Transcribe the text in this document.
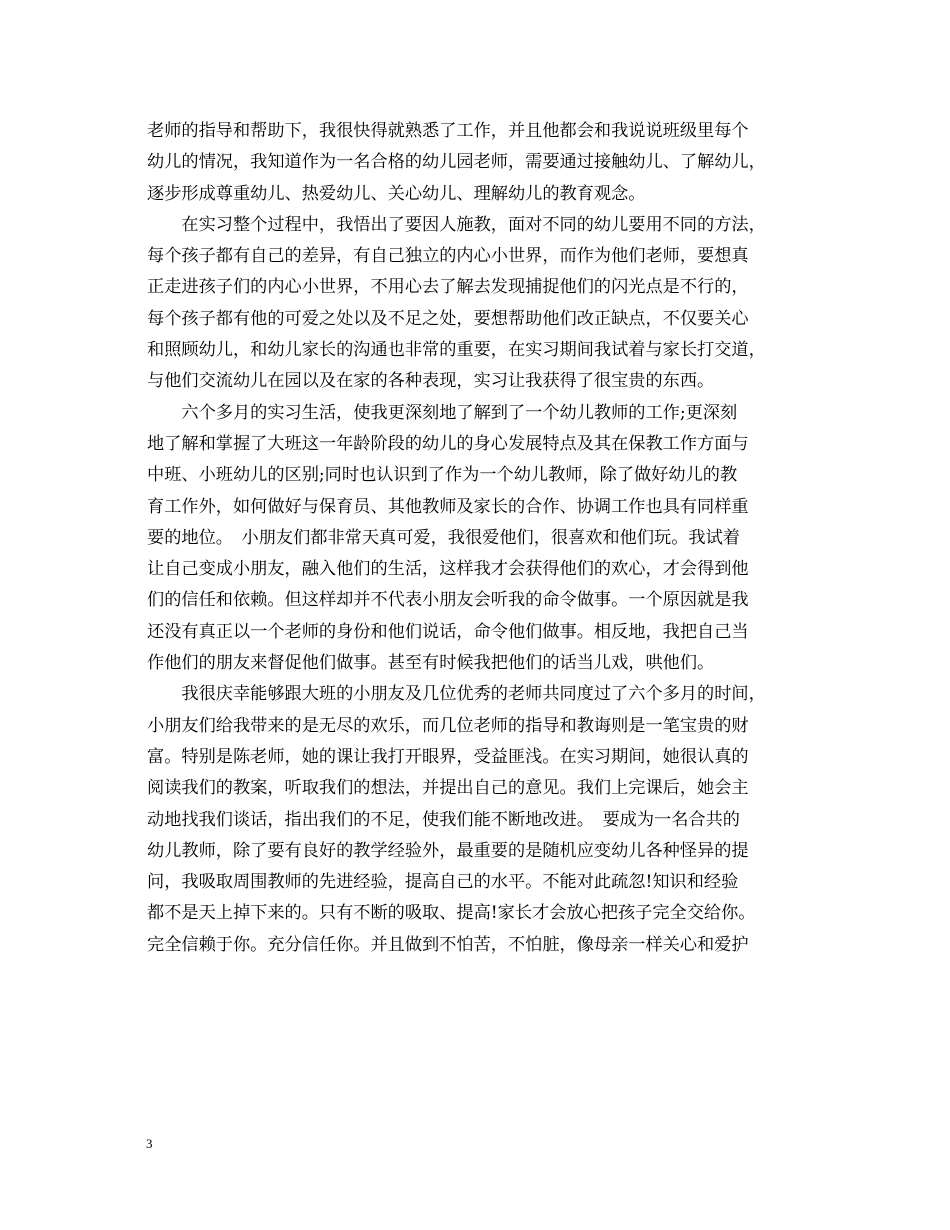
老师的指导和帮助下，我很快得就熟悉了工作，并且他都会和我说说班级里每个
幼儿的情况，我知道作为一名合格的幼儿园老师，需要通过接触幼儿、了解幼儿，
逐步形成尊重幼儿、热爱幼儿、关心幼儿、理解幼儿的教育观念。
　　在实习整个过程中，我悟出了要因人施教，面对不同的幼儿要用不同的方法，
每个孩子都有自己的差异，有自己独立的内心小世界，而作为他们老师，要想真
正走进孩子们的内心小世界，不用心去了解去发现捕捉他们的闪光点是不行的，
每个孩子都有他的可爱之处以及不足之处，要想帮助他们改正缺点，不仅要关心
和照顾幼儿，和幼儿家长的沟通也非常的重要，在实习期间我试着与家长打交道，
与他们交流幼儿在园以及在家的各种表现，实习让我获得了很宝贵的东西。
　　六个多月的实习生活，使我更深刻地了解到了一个幼儿教师的工作;更深刻
地了解和掌握了大班这一年龄阶段的幼儿的身心发展特点及其在保教工作方面与
中班、小班幼儿的区别;同时也认识到了作为一个幼儿教师，除了做好幼儿的教
育工作外，如何做好与保育员、其他教师及家长的合作、协调工作也具有同样重
要的地位。　小朋友们都非常天真可爱，我很爱他们，很喜欢和他们玩。我试着
让自己变成小朋友，融入他们的生活，这样我才会获得他们的欢心，才会得到他
们的信任和依赖。但这样却并不代表小朋友会听我的命令做事。一个原因就是我
还没有真正以一个老师的身份和他们说话，命令他们做事。相反地，我把自己当
作他们的朋友来督促他们做事。甚至有时候我把他们的话当儿戏，哄他们。
　　我很庆幸能够跟大班的小朋友及几位优秀的老师共同度过了六个多月的时间，
小朋友们给我带来的是无尽的欢乐，而几位老师的指导和教诲则是一笔宝贵的财
富。特别是陈老师，她的课让我打开眼界，受益匪浅。在实习期间，她很认真的
阅读我们的教案，听取我们的想法，并提出自己的意见。我们上完课后，她会主
动地找我们谈话，指出我们的不足，使我们能不断地改进。　要成为一名合共的
幼儿教师，除了要有良好的教学经验外，最重要的是随机应变幼儿各种怪异的提
问，我吸取周围教师的先进经验，提高自己的水平。不能对此疏忽!知识和经验
都不是天上掉下来的。只有不断的吸取、提高!家长才会放心把孩子完全交给你。
完全信赖于你。充分信任你。并且做到不怕苦，不怕脏，像母亲一样关心和爱护
3
